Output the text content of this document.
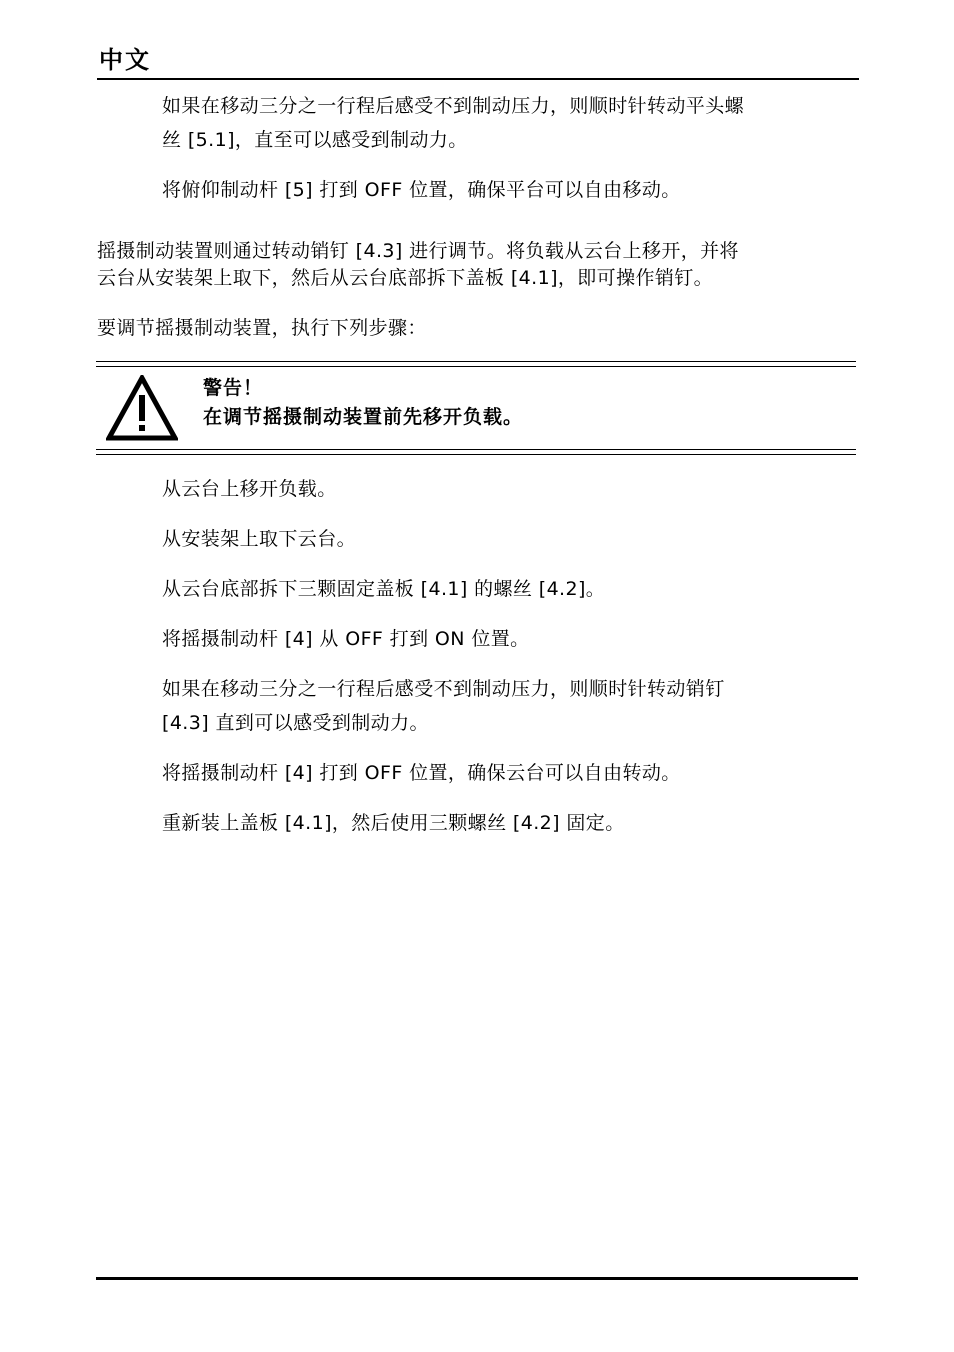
中文

如果在移动三分之一行程后感受不到制动压力，则顺时针转动平头螺

丝 [5.1]，直至可以感受到制动力。

将俯仰制动杆 [5] 打到 OFF 位置，确保平台可以自由移动。

摇摄制动装置则通过转动销钉 [4.3] 进行调节。将负载从云台上移开，并将

云台从安装架上取下，然后从云台底部拆下盖板 [4.1]，即可操作销钉。

要调节摇摄制动装置，执行下列步骤：

警告！
在调节摇摄制动装置前先移开负载。

从云台上移开负载。

从安装架上取下云台。

从云台底部拆下三颗固定盖板 [4.1] 的螺丝 [4.2]。

将摇摄制动杆 [4] 从 OFF 打到 ON 位置。

如果在移动三分之一行程后感受不到制动压力，则顺时针转动销钉

[4.3] 直到可以感受到制动力。

将摇摄制动杆 [4] 打到 OFF 位置，确保云台可以自由转动。

重新装上盖板 [4.1]，然后使用三颗螺丝 [4.2] 固定。
